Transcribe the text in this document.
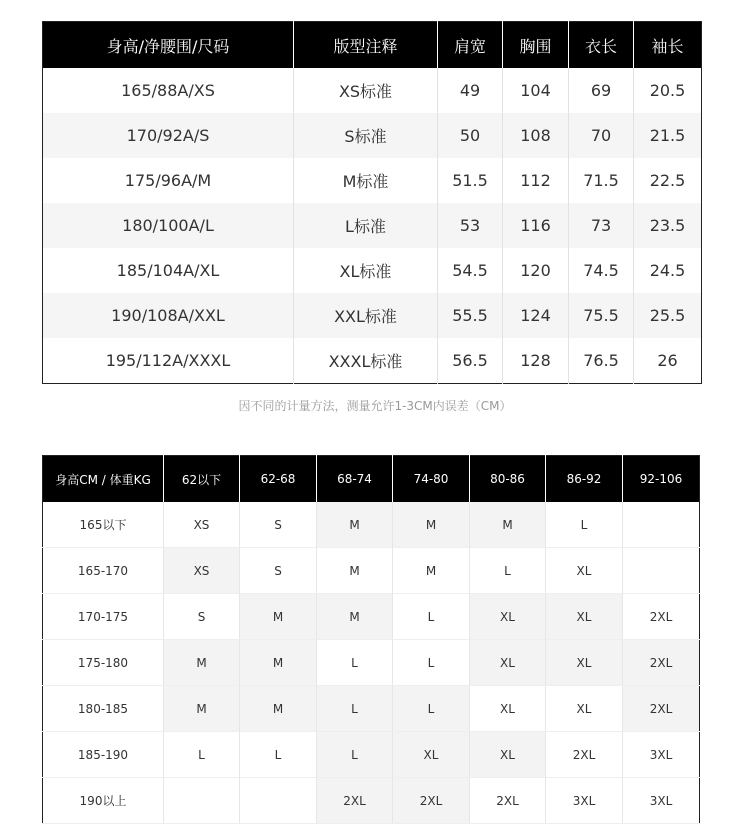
身高/净腰围/尺码	版型注释	肩宽	胸围	衣长	袖长
165/88A/XS	XS标准	49	104	69	20.5
170/92A/S	S标准	50	108	70	21.5
175/96A/M	M标准	51.5	112	71.5	22.5
180/100A/L	L标准	53	116	73	23.5
185/104A/XL	XL标准	54.5	120	74.5	24.5
190/108A/XXL	XXL标准	55.5	124	75.5	25.5
195/112A/XXXL	XXXL标准	56.5	128	76.5	26
因不同的计量方法，测量允许1-3CM内误差（CM）
身高CM / 体重KG	62以下	62-68	68-74	74-80	80-86	86-92	92-106
165以下	XS	S	M	M	M	L	
165-170	XS	S	M	M	L	XL	
170-175	S	M	M	L	XL	XL	2XL
175-180	M	M	L	L	XL	XL	2XL
180-185	M	M	L	L	XL	XL	2XL
185-190	L	L	L	XL	XL	2XL	3XL
190以上			2XL	2XL	2XL	3XL	3XL
